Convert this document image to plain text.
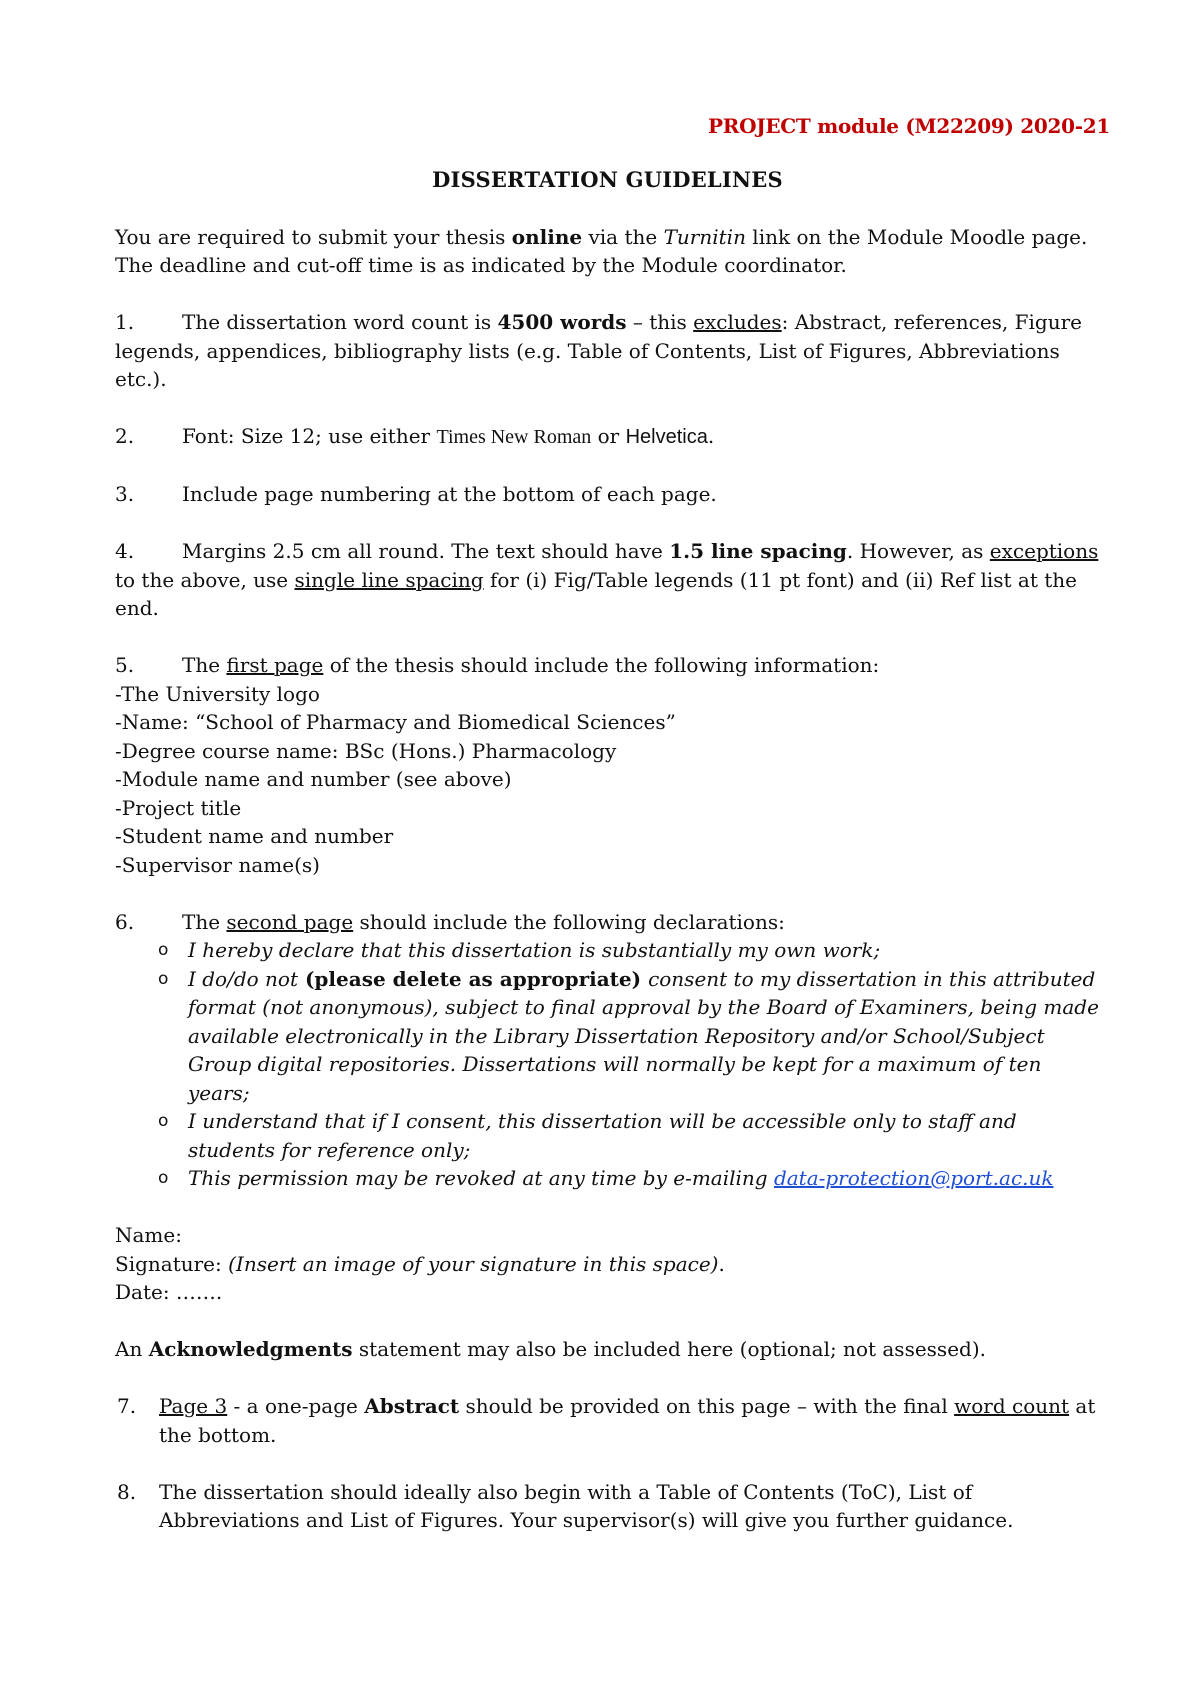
PROJECT module (M22209) 2020-21
DISSERTATION GUIDELINES

You are required to submit your thesis online via the Turnitin link on the Module Moodle page. The deadline and cut-off time is as indicated by the Module coordinator.

1. The dissertation word count is 4500 words – this excludes: Abstract, references, Figure legends, appendices, bibliography lists (e.g. Table of Contents, List of Figures, Abbreviations etc.).

2. Font: Size 12; use either Times New Roman or Helvetica.

3. Include page numbering at the bottom of each page.

4. Margins 2.5 cm all round. The text should have 1.5 line spacing. However, as exceptions to the above, use single line spacing for (i) Fig/Table legends (11 pt font) and (ii) Ref list at the end.

5. The first page of the thesis should include the following information:

-The University logo
-Name: “School of Pharmacy and Biomedical Sciences”
-Degree course name: BSc (Hons.) Pharmacology
-Module name and number (see above)
-Project title
-Student name and number
-Supervisor name(s)

6. The second page should include the following declarations:

o I hereby declare that this dissertation is substantially my own work;
o I do/do not (please delete as appropriate) consent to my dissertation in this attributed format (not anonymous), subject to final approval by the Board of Examiners, being made available electronically in the Library Dissertation Repository and/or School/Subject Group digital repositories. Dissertations will normally be kept for a maximum of ten years;
o I understand that if I consent, this dissertation will be accessible only to staff and students for reference only;
o This permission may be revoked at any time by e-mailing data-protection@port.ac.uk
Name:
Signature: (Insert an image of your signature in this space).
Date: …….

An Acknowledgments statement may also be included here (optional; not assessed).

7.	Page 3 - a one-page Abstract should be provided on this page – with the final word count at the bottom.
8.	The dissertation should ideally also begin with a Table of Contents (ToC), List of Abbreviations and List of Figures. Your supervisor(s) will give you further guidance.
